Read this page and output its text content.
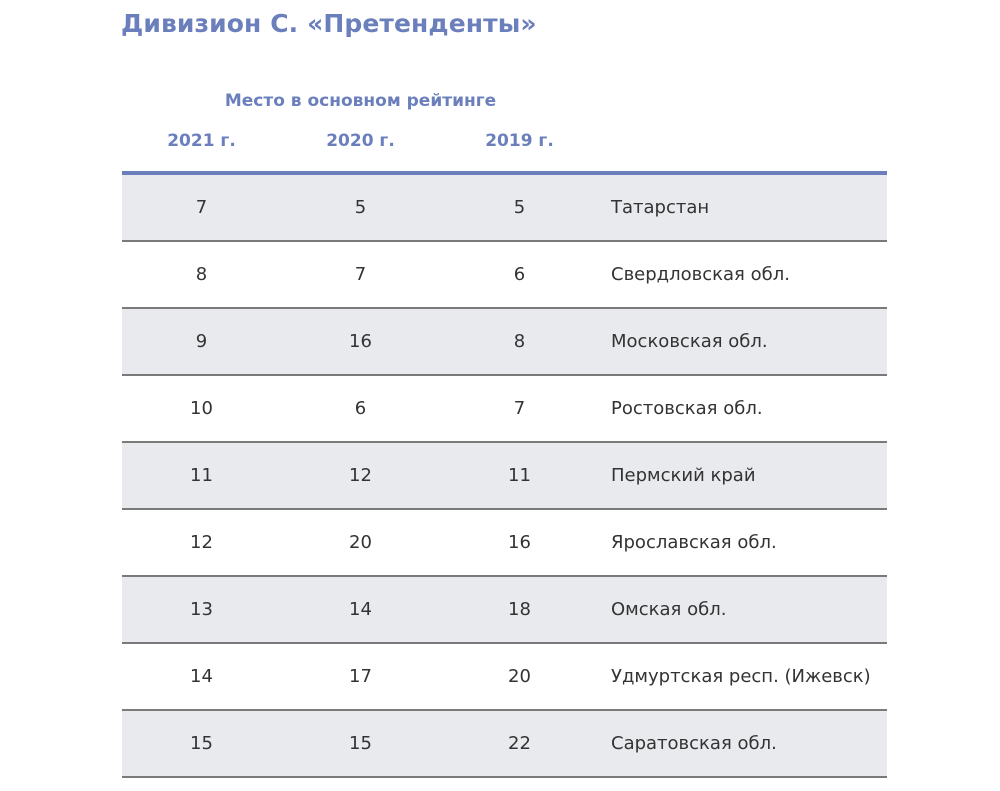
Дивизион C. «Претенденты»
Место в основном рейтинге
2021 г.	2020 г.	2019 г.
7	5	5	Татарстан
8	7	6	Свердловская обл.
9	16	8	Московская обл.
10	6	7	Ростовская обл.
11	12	11	Пермский край
12	20	16	Ярославская обл.
13	14	18	Омская обл.
14	17	20	Удмуртская респ. (Ижевск)
15	15	22	Саратовская обл.
